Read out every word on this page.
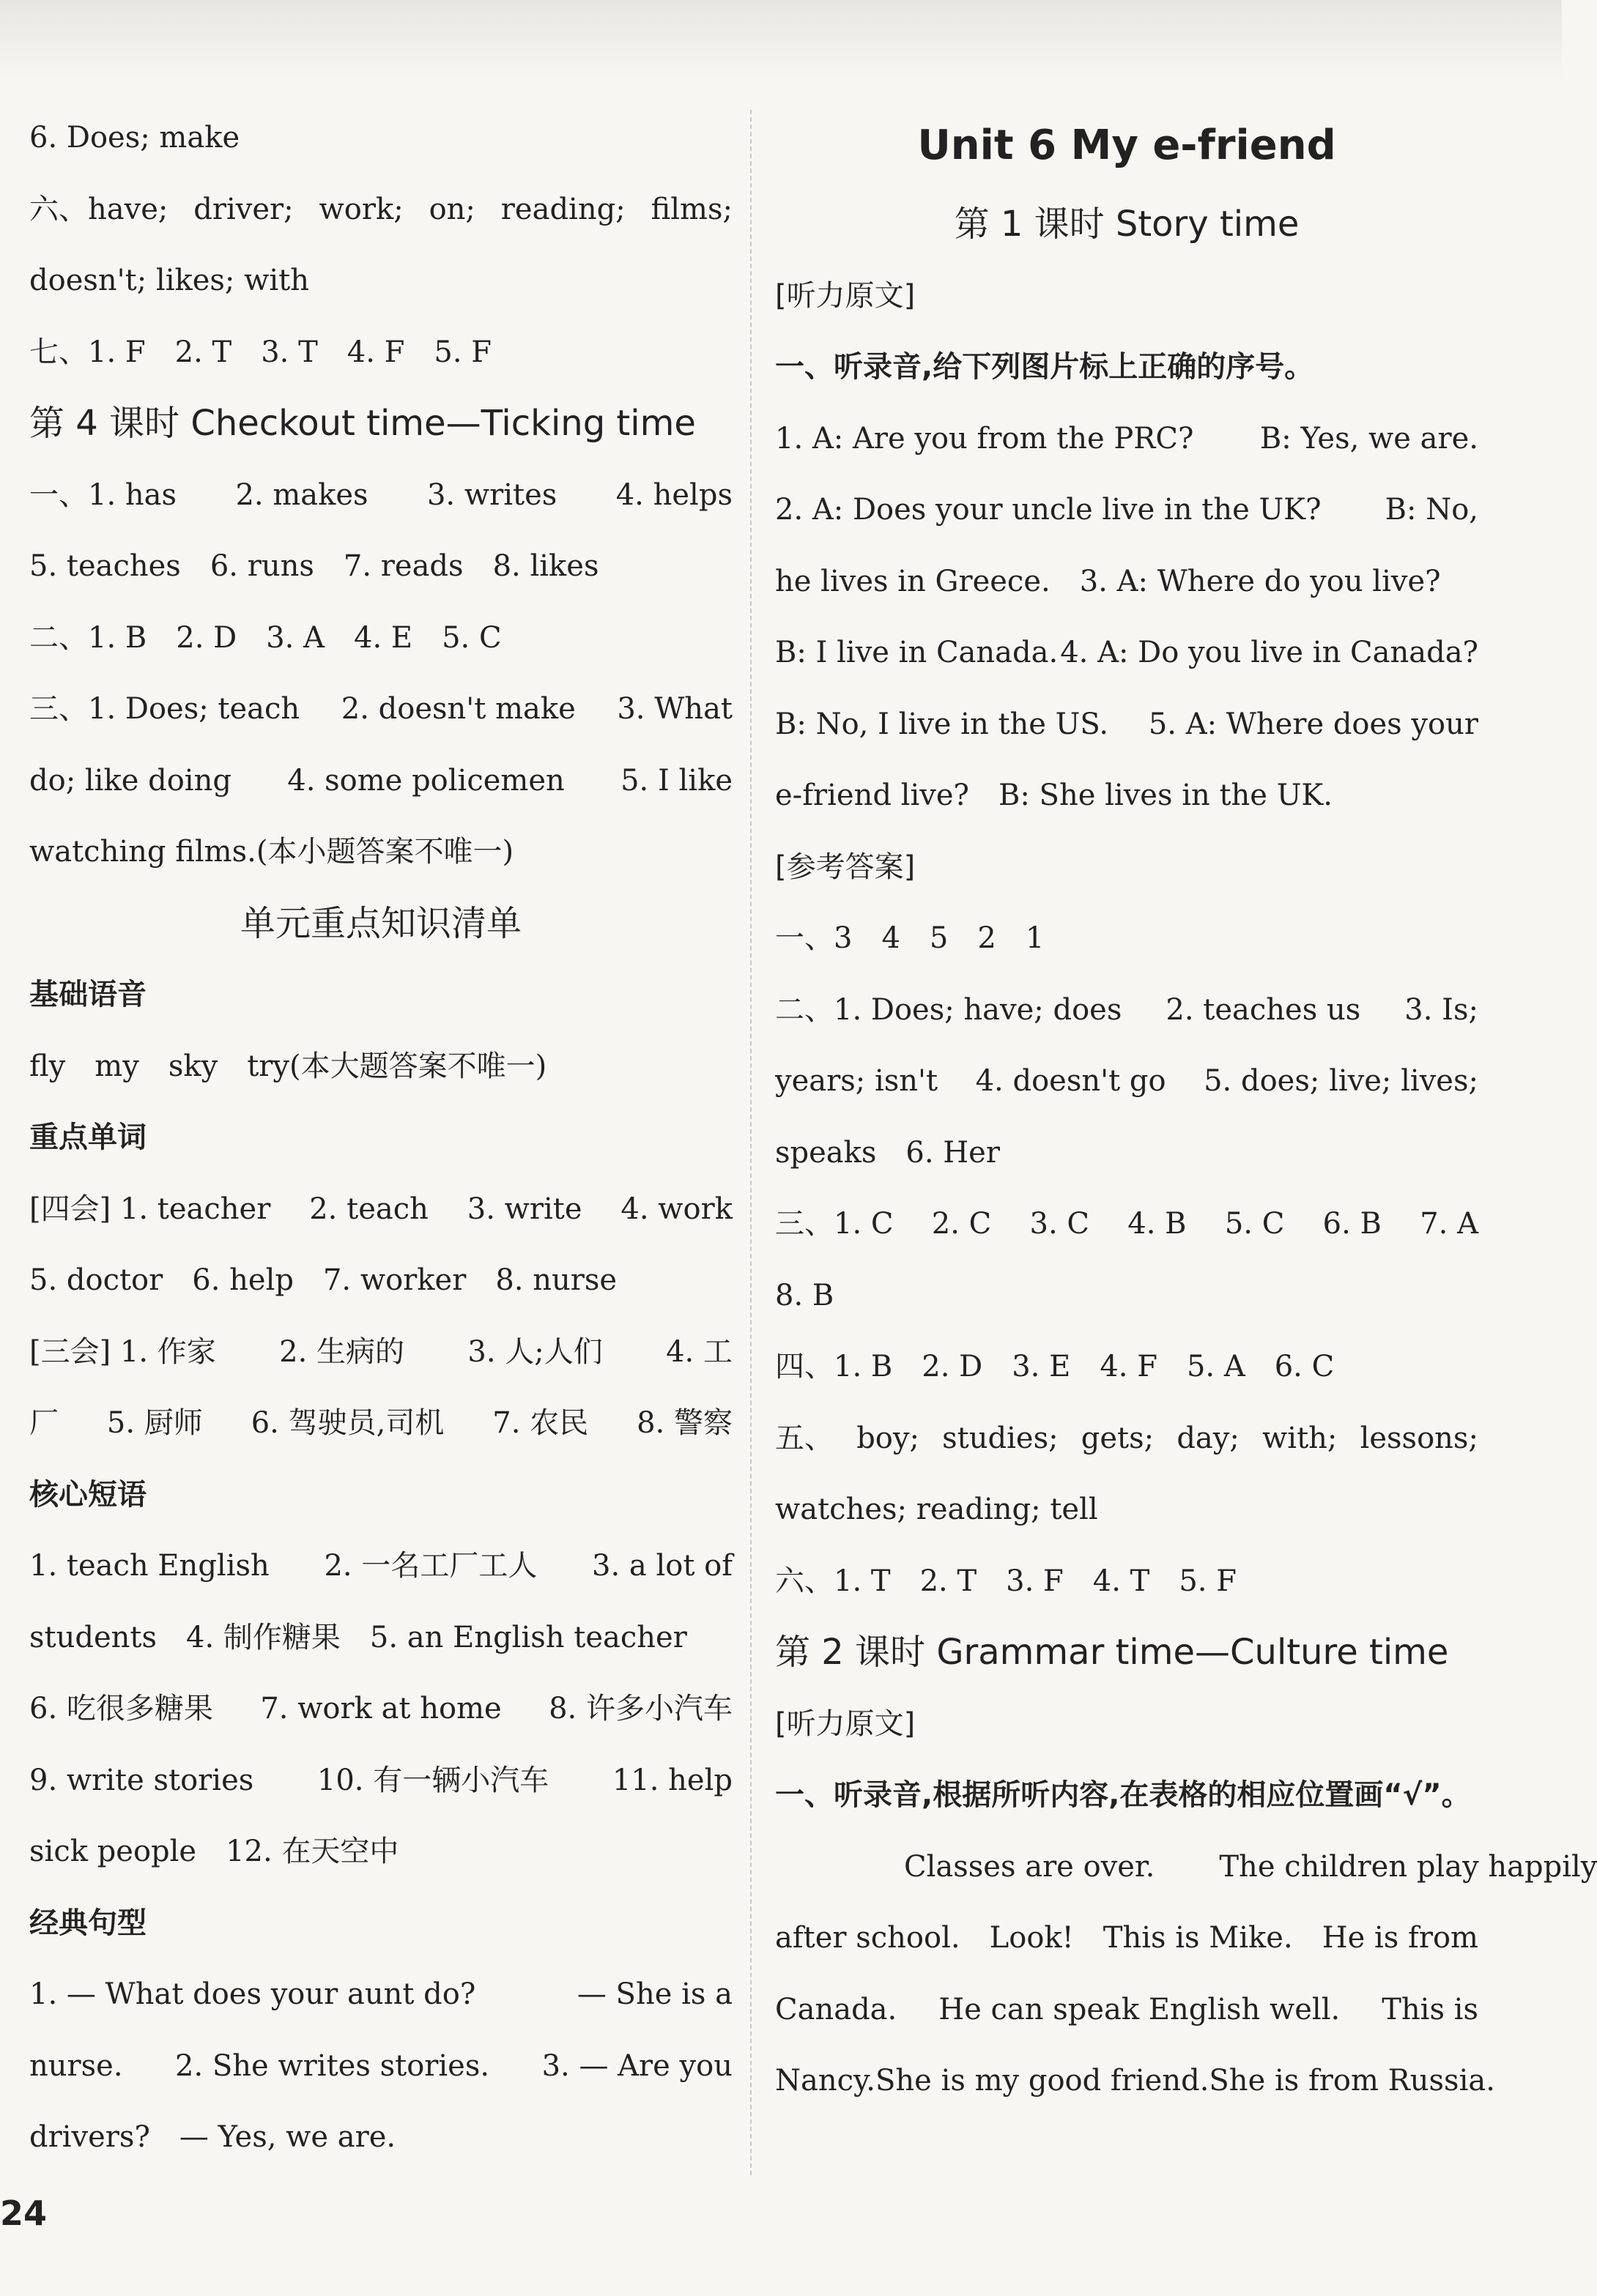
6. Does; make
六、have; driver; work; on; reading; films;
doesn't; likes; with
七、1. F 2. T 3. T 4. F 5. F
第 4 课时 Checkout time—Ticking time
一、1. has 2. makes 3. writes 4. helps
5. teaches 6. runs 7. reads 8. likes
二、1. B 2. D 3. A 4. E 5. C
三、1. Does; teach 2. doesn't make 3. What
do; like doing 4. some policemen 5. I like
watching films.(本小题答案不唯一)
单元重点知识清单
基础语音
fly my sky try(本大题答案不唯一)
重点单词
[四会] 1. teacher 2. teach 3. write 4. work
5. doctor 6. help 7. worker 8. nurse
[三会] 1. 作家 2. 生病的 3. 人;人们 4. 工
厂 5. 厨师 6. 驾驶员,司机 7. 农民 8. 警察
核心短语
1. teach English 2. 一名工厂工人 3. a lot of
students 4. 制作糖果 5. an English teacher
6. 吃很多糖果 7. work at home 8. 许多小汽车
9. write stories 10. 有一辆小汽车 11. help
sick people 12. 在天空中
经典句型
1. — What does your aunt do?	— She is a
nurse. 2. She writes stories. 3. — Are you
drivers? — Yes, we are.
Unit 6 My e-friend
第 1 课时 Story time
[听力原文]
一、听录音,给下列图片标上正确的序号。
1. A: Are you from the PRC? B: Yes, we are.
2. A: Does your uncle live in the UK? B: No,
he lives in Greece. 3. A: Where do you live?
B: I live in Canada. 4. A: Do you live in Canada?
B: No, I live in the US. 5. A: Where does your
e-friend live? B: She lives in the UK.
[参考答案]
一、3 4 5 2 1
二、1. Does; have; does 2. teaches us 3. Is;
years; isn't 4. doesn't go 5. does; live; lives;
speaks 6. Her
三、1. C 2. C 3. C 4. B 5. C 6. B 7. A
8. B
四、1. B 2. D 3. E 4. F 5. A 6. C
五、 boy; studies; gets; day; with; lessons;
watches; reading; tell
六、1. T 2. T 3. F 4. T 5. F
第 2 课时 Grammar time—Culture time
[听力原文]
一、听录音,根据所听内容,在表格的相应位置画“√”。
Classes are over.	The children play happily
after school. Look! This is Mike. He is from
Canada. He can speak English well. This is
Nancy. She is my good friend. She is from Russia.
24
